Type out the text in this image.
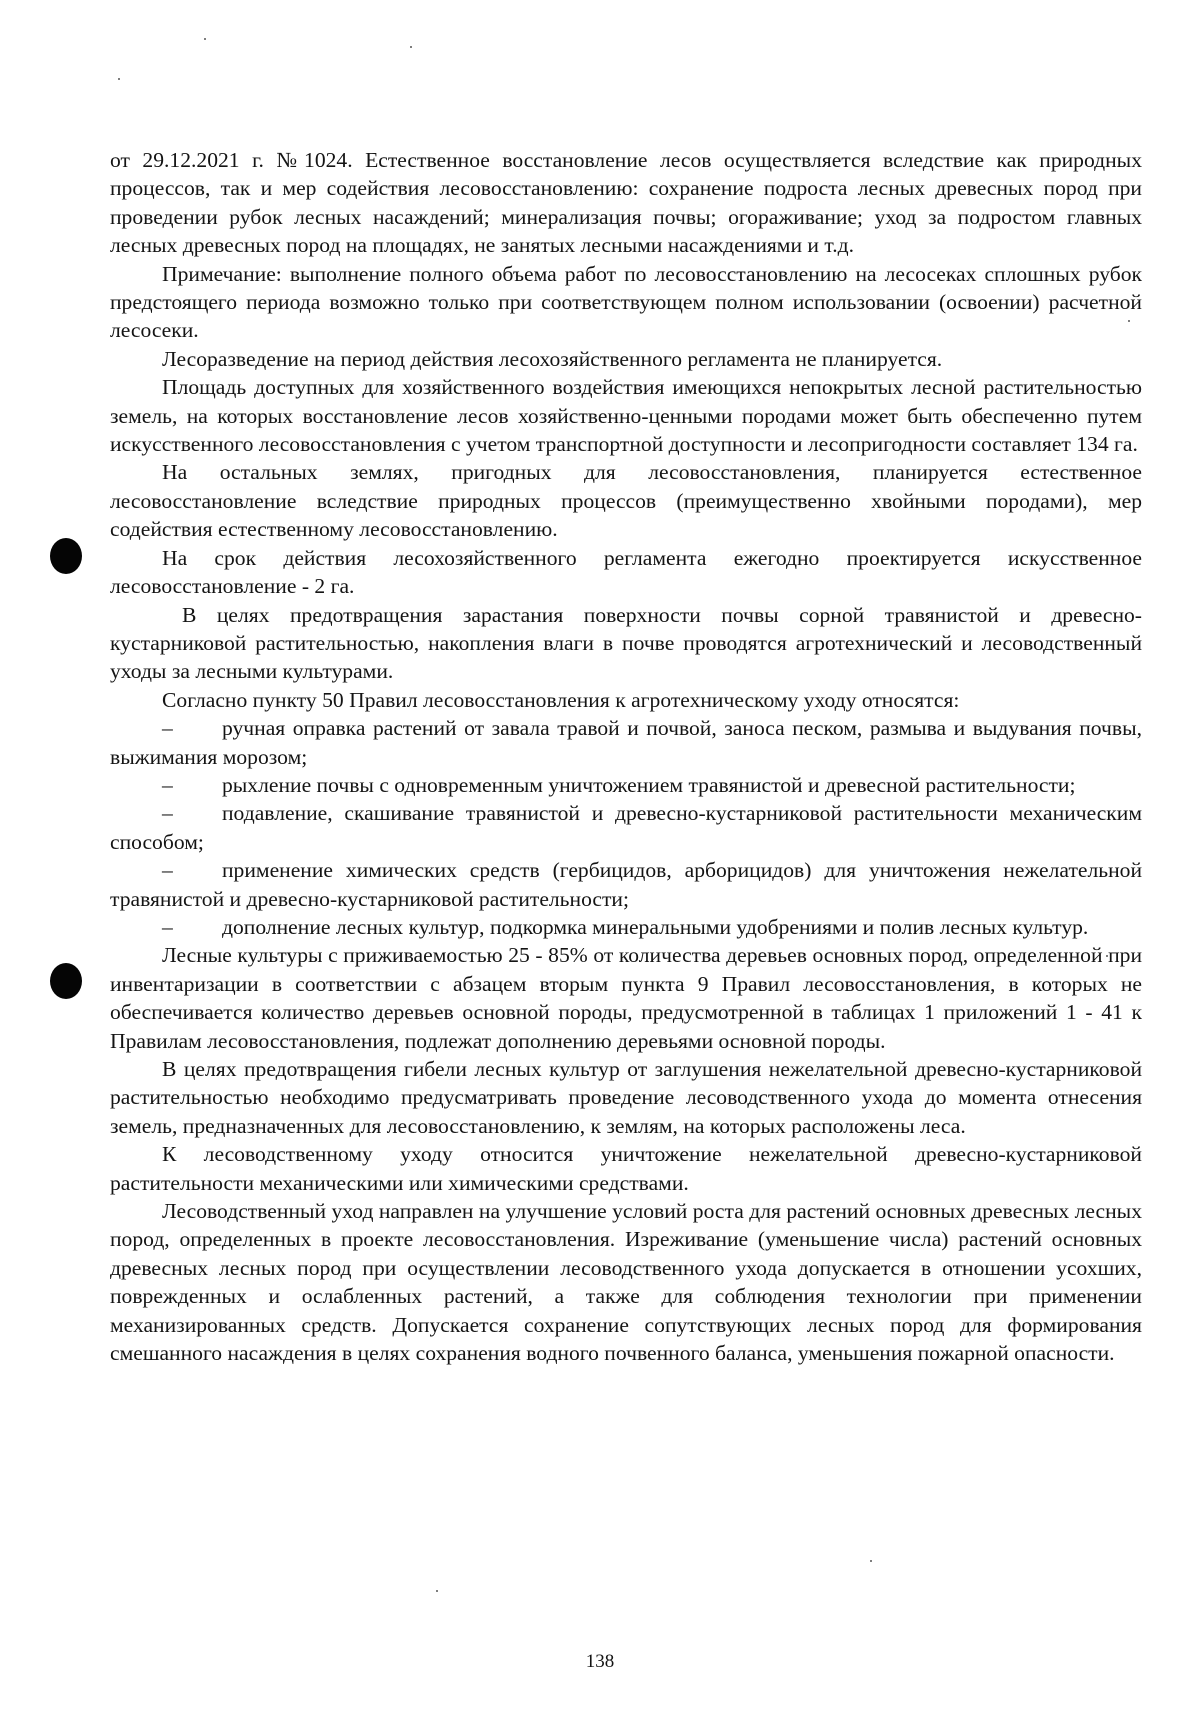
от 29.12.2021 г. №1024. Естественное восстановление лесов осуществляется вследствие как природных процессов, так и мер содействия лесовосстановлению: сохранение подроста лесных древесных пород при проведении рубок лесных насаждений; минерализация почвы; огораживание; уход за подростом главных лесных древесных пород на площадях, не занятых лесными насаждениями и т.д.

Примечание: выполнение полного объема работ по лесовосстановлению на лесосеках сплошных рубок предстоящего периода возможно только при соответствующем полном использовании (освоении) расчетной лесосеки.

Лесоразведение на период действия лесохозяйственного регламента не планируется.

Площадь доступных для хозяйственного воздействия имеющихся непокрытых лесной растительностью земель, на которых восстановление лесов хозяйственно-ценными породами может быть обеспеченно путем искусственного лесовосстановления с учетом транспортной доступности и лесопригодности составляет 134 га.

На остальных землях, пригодных для лесовосстановления, планируется естественное лесовосстановление вследствие природных процессов (преимущественно хвойными породами), мер содействия естественному лесовосстановлению.

На срок действия лесохозяйственного регламента ежегодно проектируется искусственное лесовосстановление - 2 га.

В целях предотвращения зарастания поверхности почвы сорной травянистой и древесно-кустарниковой растительностью, накопления влаги в почве проводятся агротехнический и лесоводственный уходы за лесными культурами.

Согласно пункту 50 Правил лесовосстановления к агротехническому уходу относятся:

– ручная оправка растений от завала травой и почвой, заноса песком, размыва и выдувания почвы, выжимания морозом;

– рыхление почвы с одновременным уничтожением травянистой и древесной растительности;

– подавление, скашивание травянистой и древесно-кустарниковой растительности механическим способом;

– применение химических средств (гербицидов, арборицидов) для уничтожения нежелательной травянистой и древесно-кустарниковой растительности;

– дополнение лесных культур, подкормка минеральными удобрениями и полив лесных культур.

Лесные культуры с приживаемостью 25 - 85% от количества деревьев основных пород, определенной при инвентаризации в соответствии с абзацем вторым пункта 9 Правил лесовосстановления, в которых не обеспечивается количество деревьев основной породы, предусмотренной в таблицах 1 приложений 1 - 41 к Правилам лесовосстановления, подлежат дополнению деревьями основной породы.

В целях предотвращения гибели лесных культур от заглушения нежелательной древесно-кустарниковой растительностью необходимо предусматривать проведение лесоводственного ухода до момента отнесения земель, предназначенных для лесовосстановлению, к землям, на которых расположены леса.

К лесоводственному уходу относится уничтожение нежелательной древесно-кустарниковой растительности механическими или химическими средствами.

Лесоводственный уход направлен на улучшение условий роста для растений основных древесных лесных пород, определенных в проекте лесовосстановления. Изреживание (уменьшение числа) растений основных древесных лесных пород при осуществлении лесоводственного ухода допускается в отношении усохших, поврежденных и ослабленных растений, а также для соблюдения технологии при применении механизированных средств. Допускается сохранение сопутствующих лесных пород для формирования смешанного насаждения в целях сохранения водного почвенного баланса, уменьшения пожарной опасности.

138
